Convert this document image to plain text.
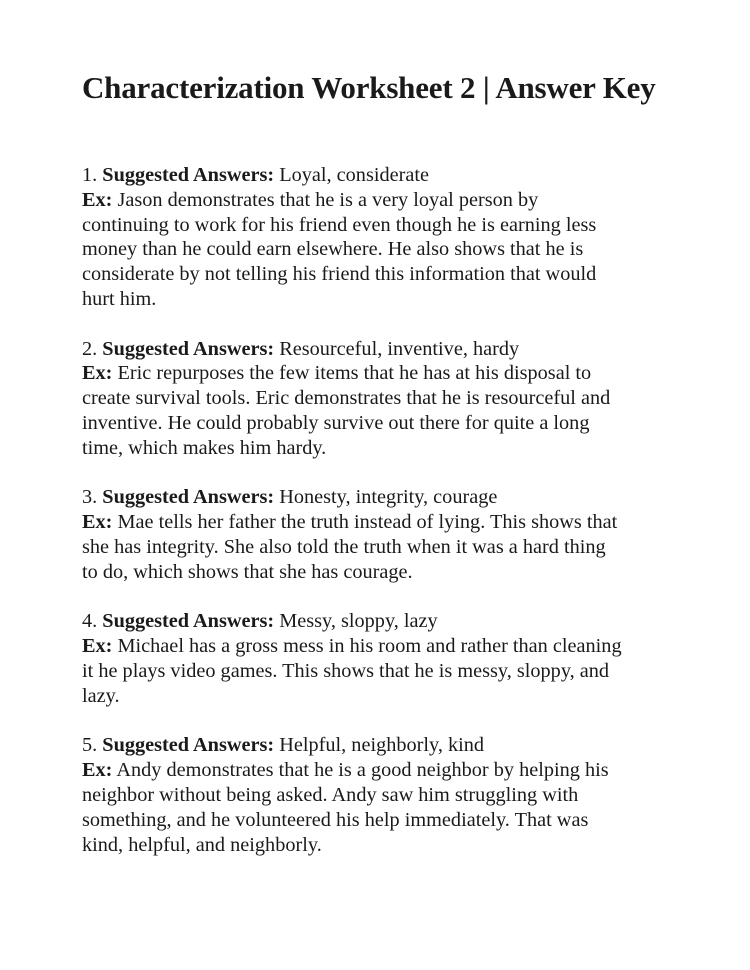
Characterization Worksheet 2 | Answer Key
1. Suggested Answers: Loyal, considerate
Ex: Jason demonstrates that he is a very loyal person by
continuing to work for his friend even though he is earning less
money than he could earn elsewhere. He also shows that he is
considerate by not telling his friend this information that would
hurt him.
2. Suggested Answers: Resourceful, inventive, hardy
Ex: Eric repurposes the few items that he has at his disposal to
create survival tools. Eric demonstrates that he is resourceful and
inventive. He could probably survive out there for quite a long
time, which makes him hardy.
3. Suggested Answers: Honesty, integrity, courage
Ex: Mae tells her father the truth instead of lying. This shows that
she has integrity. She also told the truth when it was a hard thing
to do, which shows that she has courage.
4. Suggested Answers: Messy, sloppy, lazy
Ex: Michael has a gross mess in his room and rather than cleaning
it he plays video games. This shows that he is messy, sloppy, and
lazy.
5. Suggested Answers: Helpful, neighborly, kind
Ex: Andy demonstrates that he is a good neighbor by helping his
neighbor without being asked. Andy saw him struggling with
something, and he volunteered his help immediately. That was
kind, helpful, and neighborly.
